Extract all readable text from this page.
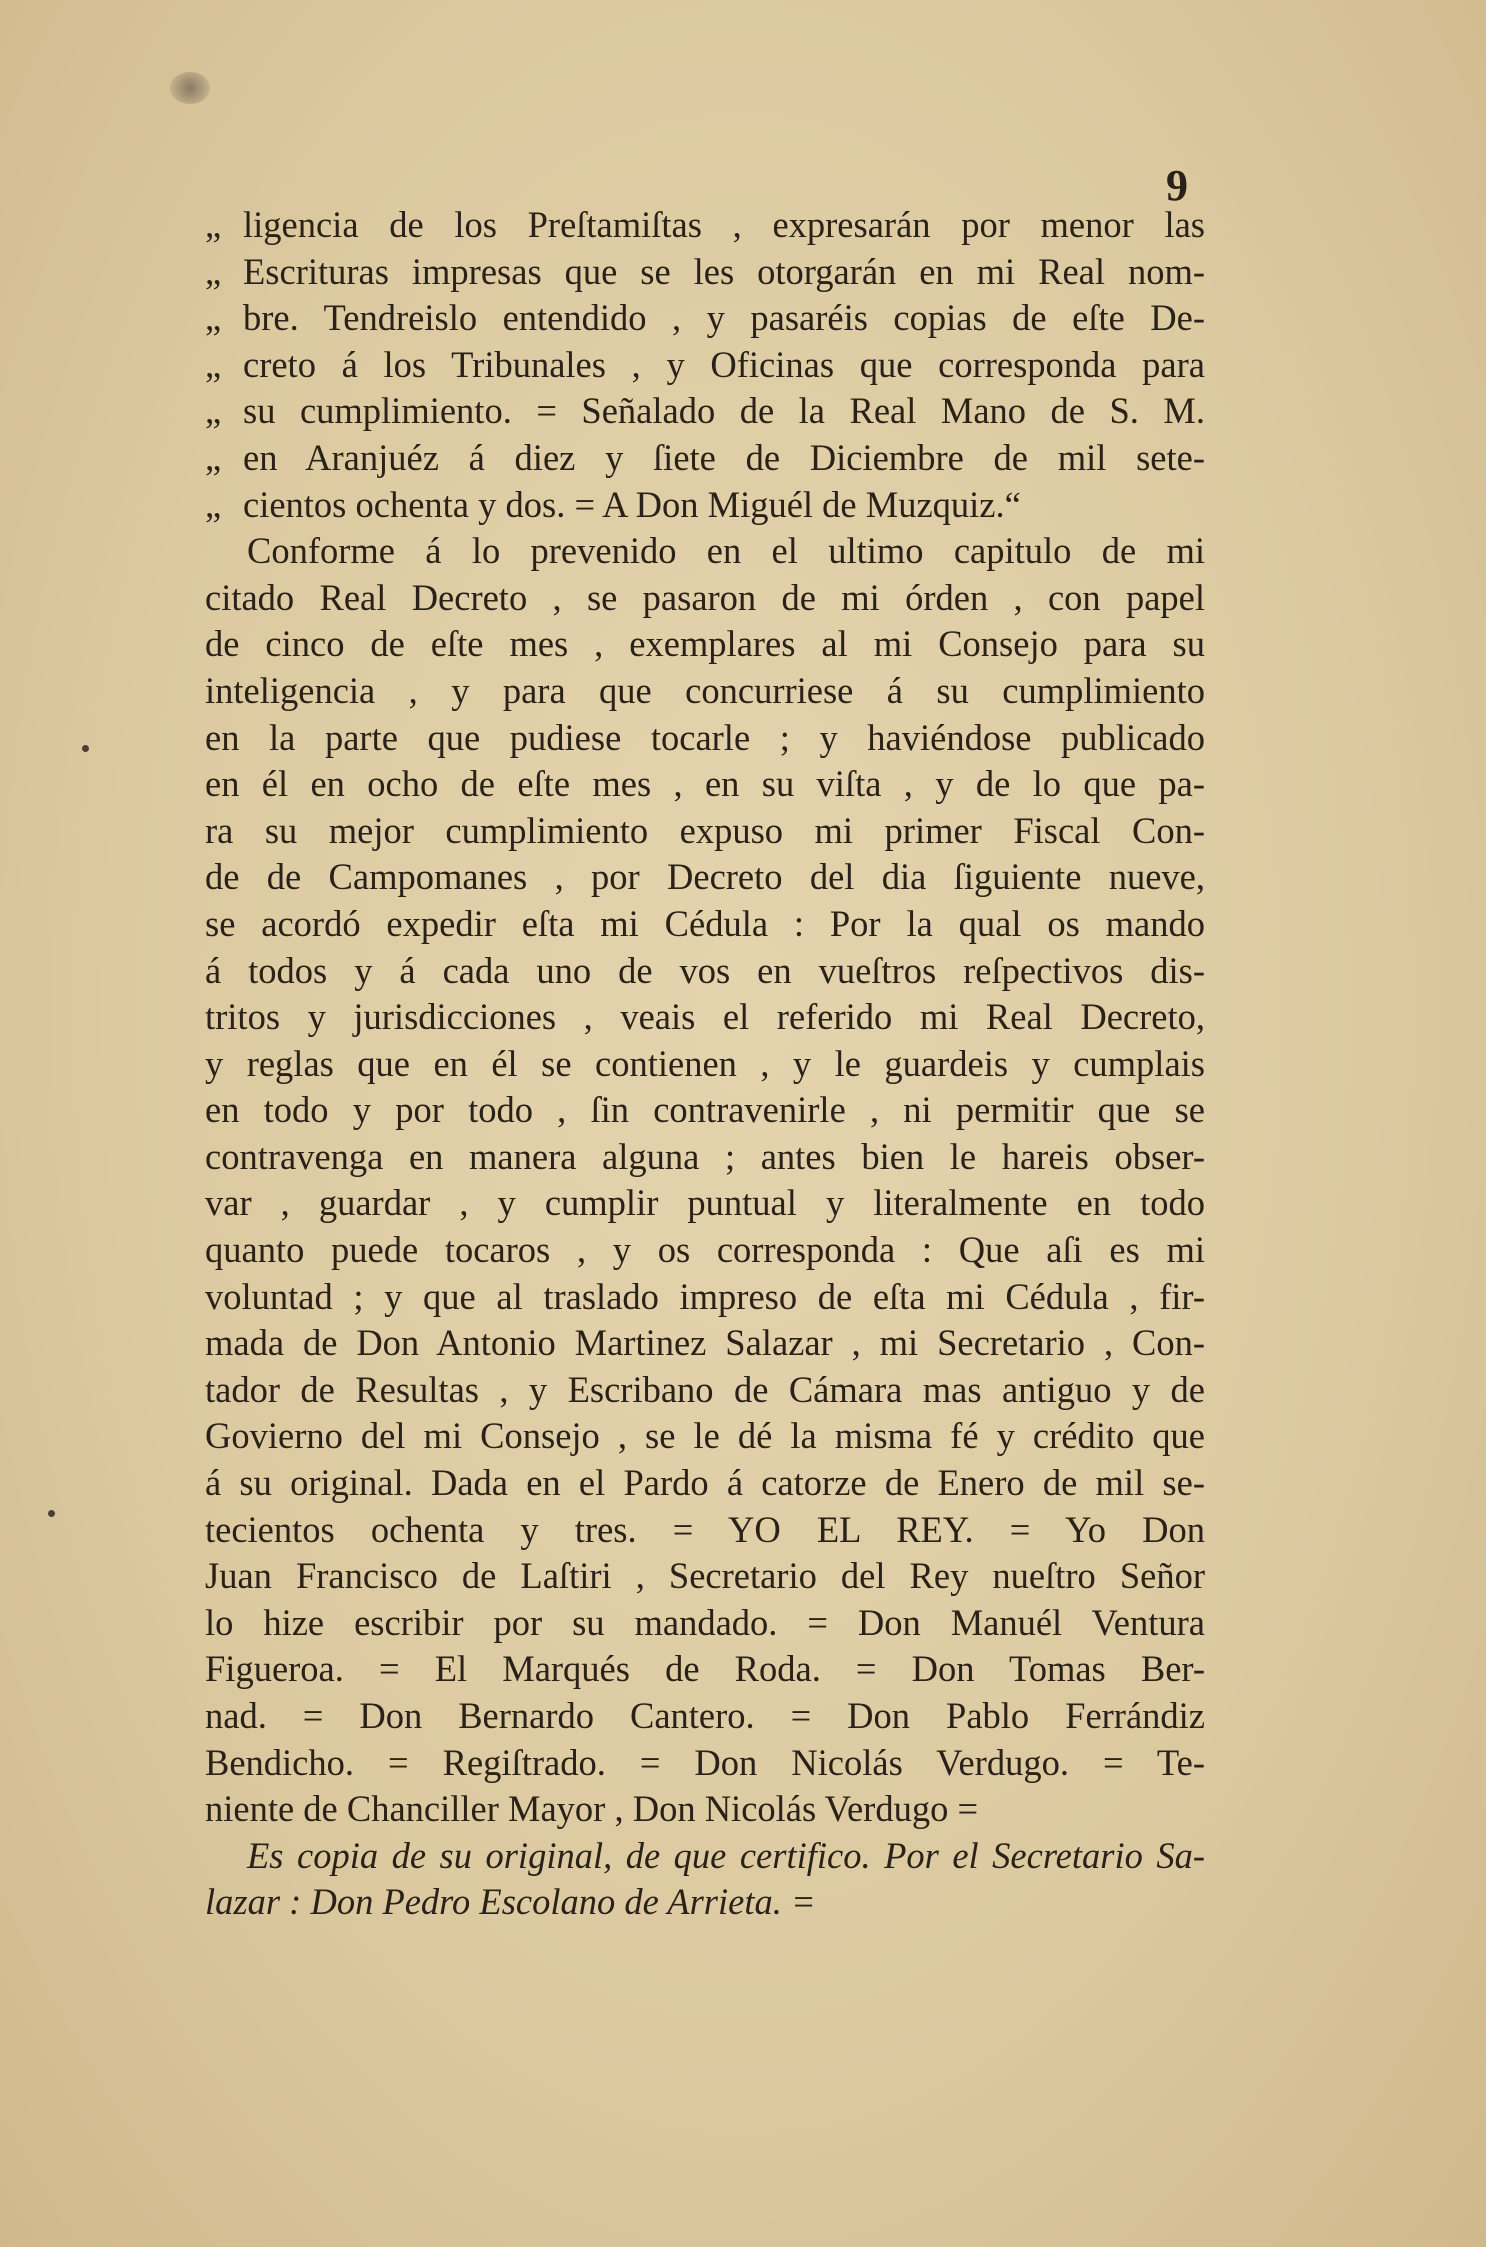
9
„ ligencia de los Preſtamiſtas , expresarán por menor las
„ Escrituras impresas que se les otorgarán en mi Real nom-
„ bre. Tendreislo entendido , y pasaréis copias de eſte De-
„ creto á los Tribunales , y Oficinas que corresponda para
„ su cumplimiento. = Señalado de la Real Mano de S. M.
„ en Aranjuéz á diez y ſiete de Diciembre de mil sete-
„ cientos ochenta y dos. = A Don Miguél de Muzquiz.“
Conforme á lo prevenido en el ultimo capitulo de mi
citado Real Decreto , se pasaron de mi órden , con papel
de cinco de eſte mes , exemplares al mi Consejo para su
inteligencia , y para que concurriese á su cumplimiento
en la parte que pudiese tocarle ; y haviéndose publicado
en él en ocho de eſte mes , en su viſta , y de lo que pa-
ra su mejor cumplimiento expuso mi primer Fiscal Con-
de de Campomanes , por Decreto del dia ſiguiente nueve,
se acordó expedir eſta mi Cédula : Por la qual os mando
á todos y á cada uno de vos en vueſtros reſpectivos dis-
tritos y jurisdicciones , veais el referido mi Real Decreto,
y reglas que en él se contienen , y le guardeis y cumplais
en todo y por todo , ſin contravenirle , ni permitir que se
contravenga en manera alguna ; antes bien le hareis obser-
var , guardar , y cumplir puntual y literalmente en todo
quanto puede tocaros , y os corresponda : Que aſi es mi
voluntad ; y que al traslado impreso de eſta mi Cédula , fir-
mada de Don Antonio Martinez Salazar , mi Secretario , Con-
tador de Resultas , y Escribano de Cámara mas antiguo y de
Goviernо del mi Consejo , se le dé la misma fé y crédito que
á su original. Dada en el Pardo á catorze de Enero de mil se-
tecientos ochenta y tres. = YO EL REY. = Yo Don
Juan Francisco de Laſtiri , Secretario del Rey nueſtro Señor
lo hize escribir por su mandado. = Don Manuél Ventura
Figueroa. = El Marqués de Roda. = Don Tomas Ber-
nad. = Don Bernardo Cantero. = Don Pablo Ferrándiz
Bendicho. = Regiſtrado. = Don Nicolás Verdugo. = Te-
niente de Chanciller Mayor , Don Nicolás Verdugo =
Es copia de su original, de que certifico. Por el Secretario Sa-
lazar : Don Pedro Escolano de Arrieta. =
